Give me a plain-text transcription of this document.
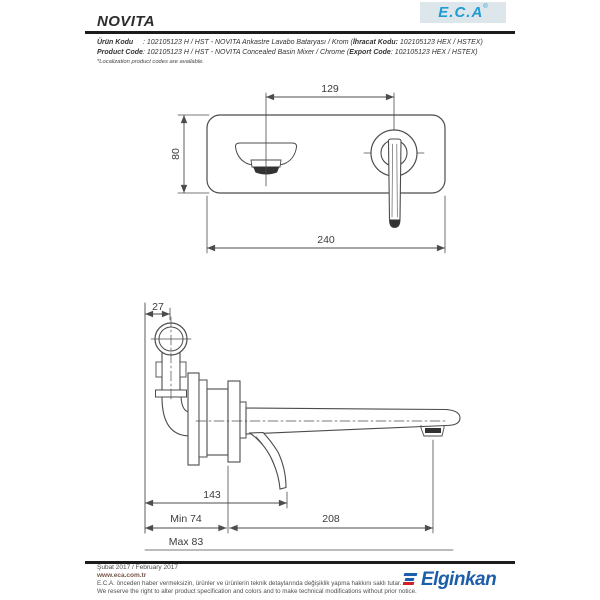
E.C.A ®
NOVITA
Ürün Kodu : 102105123 H / HST - NOVITA Ankastre Lavabo Bataryası / Krom (İhracat Kodu: 102105123 HEX / HSTEX)
Product Code: 102105123 H / HST - NOVITA Concealed Basin Mixer / Chrome (Export Code: 102105123 HEX / HSTEX)
*Localization product codes are available.
129
80
240
27
143
Min 74	208
Max 83
Şubat 2017 / February 2017
www.eca.com.tr
E.C.A. önceden haber vermeksizin, ürünler ve ürünlerin teknik detaylarında değişiklik yapma hakkını saklı tutar.
We reserve the right to alter product specification and colors and to make technical modifications without prior notice.
Elginkan
